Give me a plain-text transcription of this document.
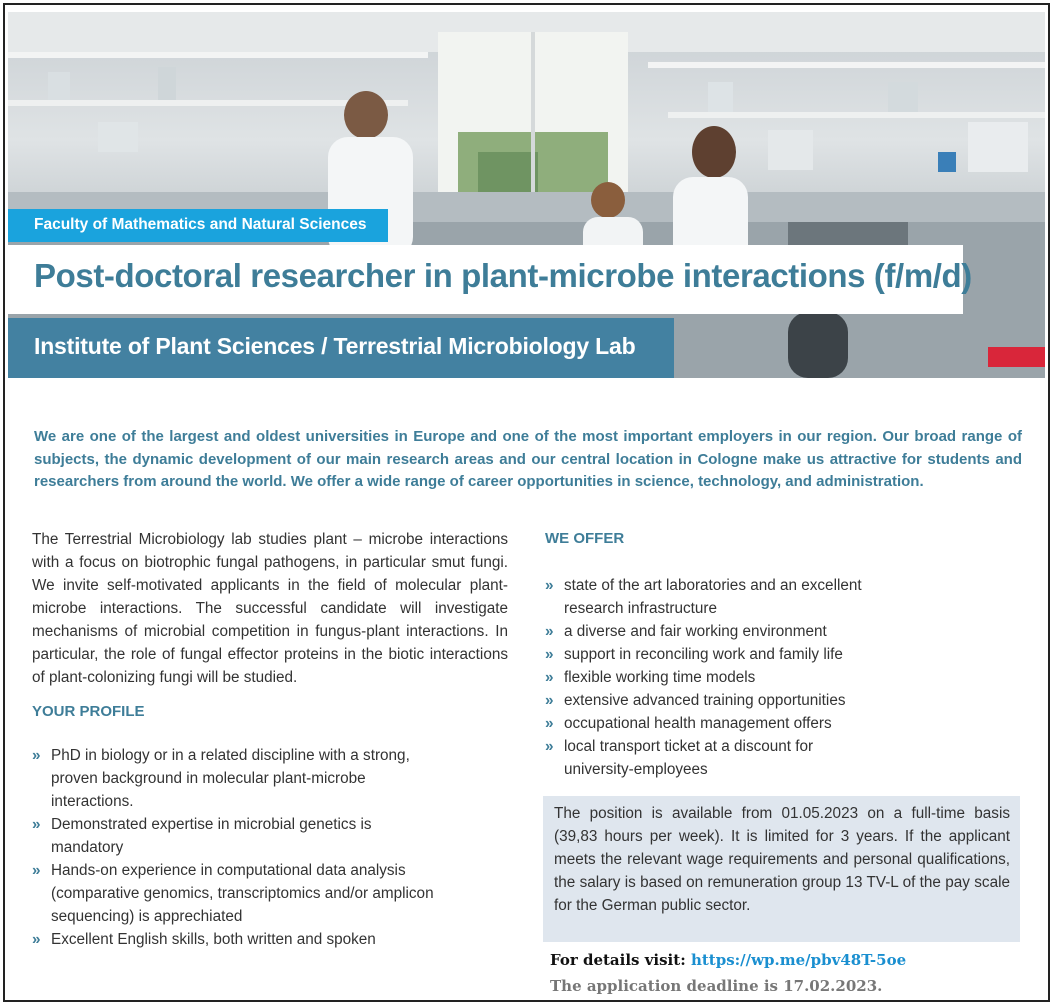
Faculty of Mathematics and Natural Sciences
Post-doctoral researcher in plant-microbe interactions (f/m/d)
Institute of Plant Sciences / Terrestrial Microbiology Lab

We are one of the largest and oldest universities in Europe and one of the most important employers in our region. Our broad range of subjects, the dynamic development of our main research areas and our central location in Cologne make us attractive for students and researchers from around the world. We offer a wide range of career opportunities in science, technology, and administration.

The Terrestrial Microbiology lab studies plant – microbe interactions with a focus on biotrophic fungal pathogens, in particular smut fungi. We invite self-motivated applicants in the field of molecular plant-microbe interactions. The successful candidate will investigate mechanisms of microbial competition in fungus-plant interactions. In particular, the role of fungal effector proteins in the biotic interactions of plant-colonizing fungi will be studied.

YOUR PROFILE
» PhD in biology or in a related discipline with a strong, proven background in molecular plant-microbe interactions.
» Demonstrated expertise in microbial genetics is mandatory
» Hands-on experience in computational data analysis (comparative genomics, transcriptomics and/or amplicon sequencing) is apprechiated
» Excellent English skills, both written and spoken
WE OFFER
» state of the art laboratories and an excellent research infrastructure
» a diverse and fair working environment
» support in reconciling work and family life
» flexible working time models
» extensive advanced training opportunities
» occupational health management offers
» local transport ticket at a discount for university-employees
The position is available from 01.05.2023 on a full-time basis (39,83 hours per week). It is limited for 3 years. If the applicant meets the relevant wage requirements and personal qualifications, the salary is based on remuneration group 13 TV-L of the pay scale for the German public sector.
For details visit: https://wp.me/pbv48T-5oe
The application deadline is 17.02.2023.
